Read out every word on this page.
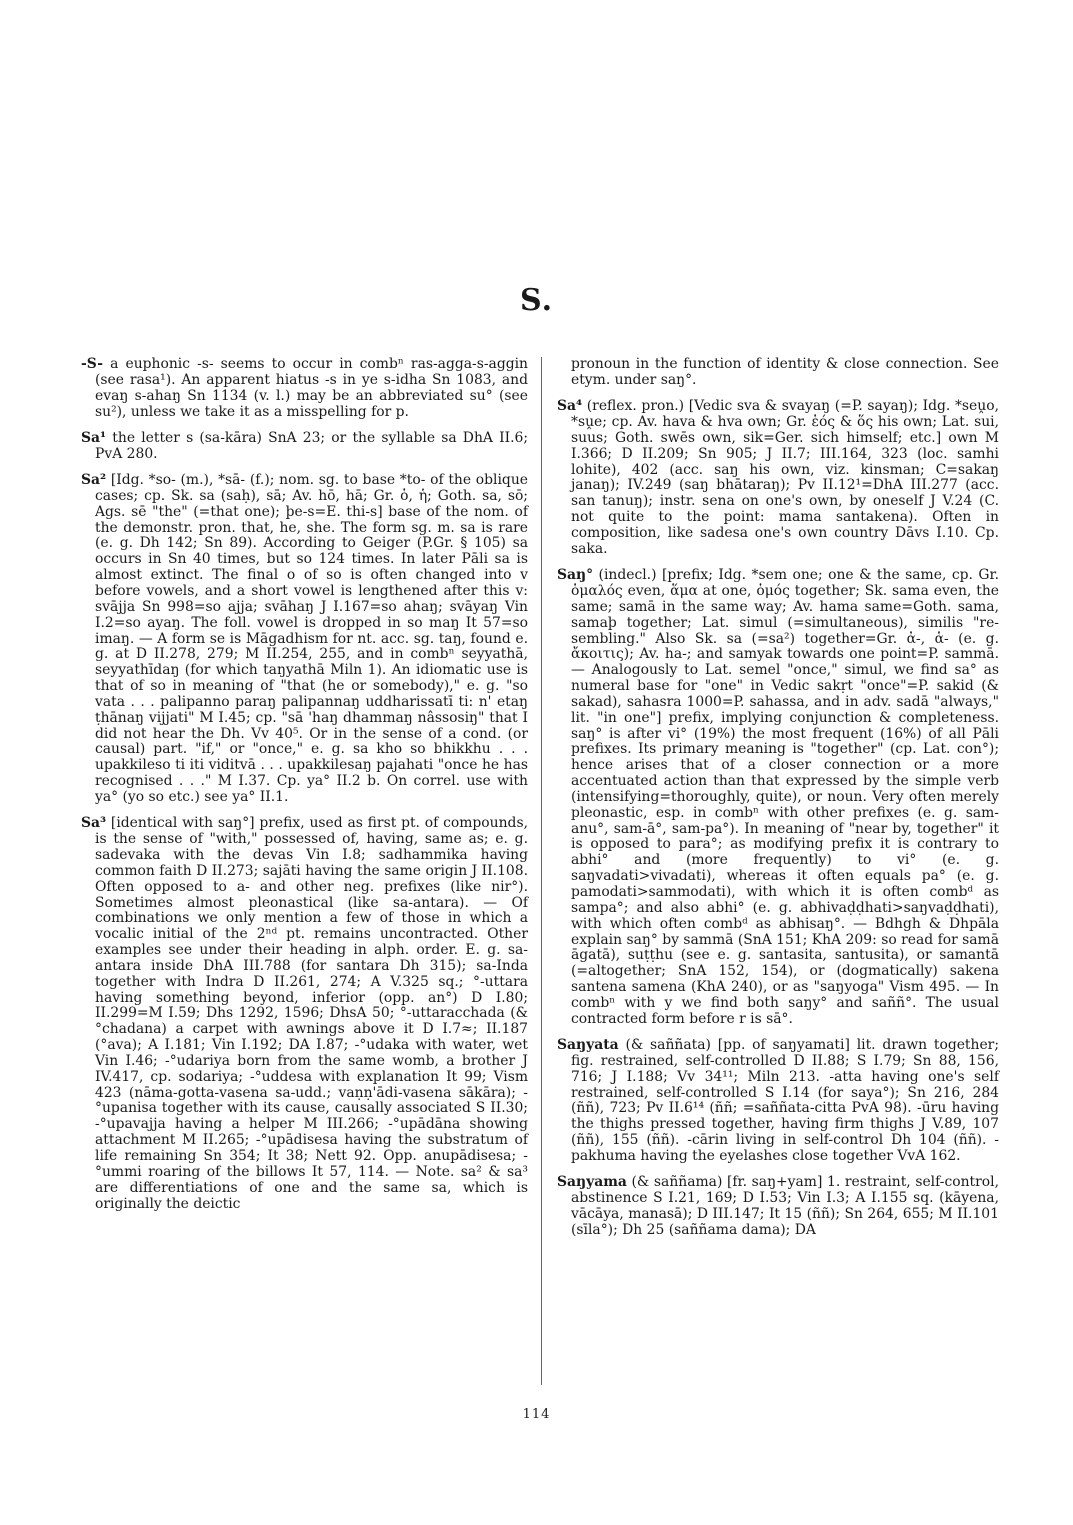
S.

-S- a euphonic -s- seems to occur in combⁿ ras-agga-s-aggin (see rasa¹). An apparent hiatus -s in ye s-idha Sn 1083, and evaŋ s-ahaŋ Sn 1134 (v. l.) may be an abbreviated su° (see su²), unless we take it as a misspelling for p.

Sa¹ the letter s (sa-kāra) SnA 23; or the syllable sa DhA II.6; PvA 280.

Sa² [Idg. *so- (m.), *sā- (f.); nom. sg. to base *to- of the oblique cases; cp. Sk. sa (saḥ), sā; Av. hō, hā; Gr. ὁ, ἡ; Goth. sa, sō; Ags. sē "the" (=that one); þe-s=E. thi-s] base of the nom. of the demonstr. pron. that, he, she. The form sg. m. sa is rare (e. g. Dh 142; Sn 89). According to Geiger (P.Gr. § 105) sa occurs in Sn 40 times, but so 124 times. In later Pāli sa is almost extinct. The final o of so is often changed into v before vowels, and a short vowel is lengthened after this v: svājja Sn 998=so ajja; svāhaŋ J I.167=so ahaŋ; svāyaŋ Vin I.2=so ayaŋ. The foll. vowel is dropped in so maŋ It 57=so imaŋ. — A form se is Māgadhism for nt. acc. sg. taŋ, found e. g. at D II.278, 279; M II.254, 255, and in combⁿ seyyathā, seyyathīdaŋ (for which taŋyathā Miln 1). An idiomatic use is that of so in meaning of "that (he or somebody)," e. g. "so vata . . . palipanno paraŋ palipannaŋ uddharissatī ti: n' etaŋ ṭhānaŋ vijjati" M I.45; cp. "sā 'haŋ dhammaŋ nâssosiŋ" that I did not hear the Dh. Vv 40⁵. Or in the sense of a cond. (or causal) part. "if," or "once," e. g. sa kho so bhikkhu . . . upakkileso ti iti viditvā . . . upakkilesaŋ pajahati "once he has recognised . . ." M I.37. Cp. ya° II.2 b. On correl. use with ya° (yo so etc.) see ya° II.1.

Sa³ [identical with saŋ°] prefix, used as first pt. of compounds, is the sense of "with," possessed of, having, same as; e. g. sadevaka with the devas Vin I.8; sadhammika having common faith D II.273; sajāti having the same origin J II.108. Often opposed to a- and other neg. prefixes (like nir°). Sometimes almost pleonastical (like sa-antara). — Of combinations we only mention a few of those in which a vocalic initial of the 2ⁿᵈ pt. remains uncontracted. Other examples see under their heading in alph. order. E. g. sa-antara inside DhA III.788 (for santara Dh 315); sa-Inda together with Indra D II.261, 274; A V.325 sq.; °-uttara having something beyond, inferior (opp. an°) D I.80; II.299=M I.59; Dhs 1292, 1596; DhsA 50; °-uttaracchada (& °chadana) a carpet with awnings above it D I.7≈; II.187 (°ava); A I.181; Vin I.192; DA I.87; -°udaka with water, wet Vin I.46; -°udariya born from the same womb, a brother J IV.417, cp. sodariya; -°uddesa with explanation It 99; Vism 423 (nāma-gotta-vasena sa-udd.; vaṇṇ'ādi-vasena sākāra); -°upanisa together with its cause, causally associated S II.30; -°upavajja having a helper M III.266; -°upādāna showing attachment M II.265; -°upādisesa having the substratum of life remaining Sn 354; It 38; Nett 92. Opp. anupādisesa; -°ummi roaring of the billows It 57, 114. — Note. sa² & sa³ are differentiations of one and the same sa, which is originally the deictic

pronoun in the function of identity & close connection. See etym. under saŋ°.

Sa⁴ (reflex. pron.) [Vedic sva & svayaŋ (=P. sayaŋ); Idg. *seṷo, *sṷe; cp. Av. hava & hva own; Gr. ἑός & ὅς his own; Lat. sui, suus; Goth. swēs own, sik=Ger. sich himself; etc.] own M I.366; D II.209; Sn 905; J II.7; III.164, 323 (loc. samhi lohite), 402 (acc. saŋ his own, viz. kinsman; C=sakaŋ janaŋ); IV.249 (saŋ bhātaraŋ); Pv II.12¹=DhA III.277 (acc. san tanuŋ); instr. sena on one's own, by oneself J V.24 (C. not quite to the point: mama santakena). Often in composition, like sadesa one's own country Dāvs I.10. Cp. saka.

Saŋ° (indecl.) [prefix; Idg. *sem one; one & the same, cp. Gr. ὁμαλός even, ἅμα at one, ὁμός together; Sk. sama even, the same; samā in the same way; Av. hama same=Goth. sama, samaþ together; Lat. simul (=simultaneous), similis "re-sembling." Also Sk. sa (=sa²) together=Gr. ἀ-, ἁ- (e. g. ἄκοιτις); Av. ha-; and samyak towards one point=P. sammā. — Analogously to Lat. semel "once," simul, we find sa° as numeral base for "one" in Vedic sakṛt "once"=P. sakid (& sakad), sahasra 1000=P. sahassa, and in adv. sadā "always," lit. "in one"] prefix, implying conjunction & completeness. saŋ° is after vi° (19%) the most frequent (16%) of all Pāli prefixes. Its primary meaning is "together" (cp. Lat. con°); hence arises that of a closer connection or a more accentuated action than that expressed by the simple verb (intensifying=thoroughly, quite), or noun. Very often merely pleonastic, esp. in combⁿ with other prefixes (e. g. sam-anu°, sam-ā°, sam-pa°). In meaning of "near by, together" it is opposed to para°; as modifying prefix it is contrary to abhi° and (more frequently) to vi° (e. g. saŋvadati>vivadati), whereas it often equals pa° (e. g. pamodati>sammodati), with which it is often combᵈ as sampa°; and also abhi° (e. g. abhivaḍḍhati>saŋvaḍḍhati), with which often combᵈ as abhisaŋ°. — Bdhgh & Dhpāla explain saŋ° by sammā (SnA 151; KhA 209: so read for samā āgatā), suṭṭhu (see e. g. santasita, santusita), or samantā (=altogether; SnA 152, 154), or (dogmatically) sakena santena samena (KhA 240), or as "saŋyoga" Vism 495. — In combⁿ with y we find both saŋy° and saññ°. The usual contracted form before r is sā°.

Saŋyata (& saññata) [pp. of saŋyamati] lit. drawn together; fig. restrained, self-controlled D II.88; S I.79; Sn 88, 156, 716; J I.188; Vv 34¹¹; Miln 213. -atta having one's self restrained, self-controlled S I.14 (for saya°); Sn 216, 284 (ññ), 723; Pv II.6¹⁴ (ññ; =saññata-citta PvA 98). -ūru having the thighs pressed together, having firm thighs J V.89, 107 (ññ), 155 (ññ). -cārin living in self-control Dh 104 (ññ). -pakhuma having the eyelashes close together VvA 162.

Saŋyama (& saññama) [fr. saŋ+yam] 1. restraint, self-control, abstinence S I.21, 169; D I.53; Vin I.3; A I.155 sq. (kāyena, vācāya, manasā); D III.147; It 15 (ññ); Sn 264, 655; M II.101 (sīla°); Dh 25 (saññama dama); DA

114
